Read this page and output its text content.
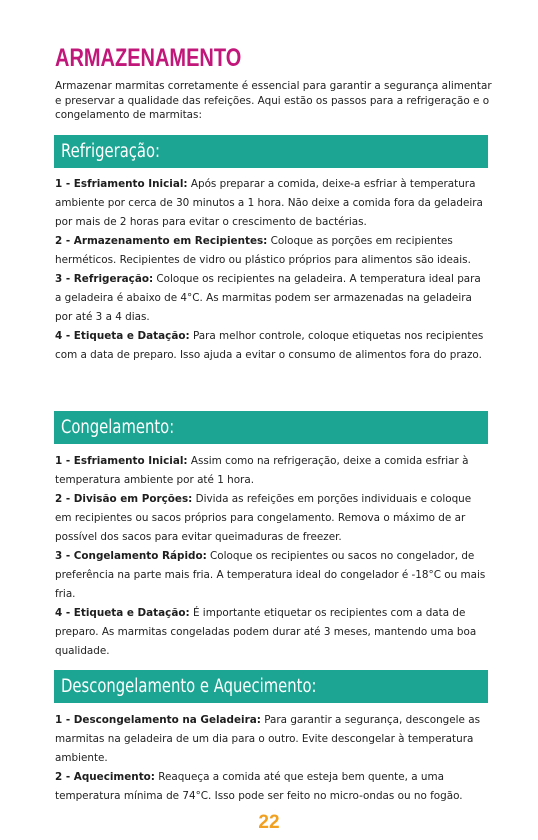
ARMAZENAMENTO

Armazenar marmitas corretamente é essencial para garantir a segurança alimentar e preservar a qualidade das refeições. Aqui estão os passos para a refrigeração e o congelamento de marmitas:

Refrigeração:
1 - Esfriamento Inicial: Após preparar a comida, deixe-a esfriar à temperatura ambiente por cerca de 30 minutos a 1 hora. Não deixe a comida fora da geladeira por mais de 2 horas para evitar o crescimento de bactérias.
2 - Armazenamento em Recipientes: Coloque as porções em recipientes herméticos. Recipientes de vidro ou plástico próprios para alimentos são ideais.
3 - Refrigeração: Coloque os recipientes na geladeira. A temperatura ideal para a geladeira é abaixo de 4°C. As marmitas podem ser armazenadas na geladeira por até 3 a 4 dias.
4 - Etiqueta e Datação: Para melhor controle, coloque etiquetas nos recipientes com a data de preparo. Isso ajuda a evitar o consumo de alimentos fora do prazo.
Congelamento:
1 - Esfriamento Inicial: Assim como na refrigeração, deixe a comida esfriar à temperatura ambiente por até 1 hora.
2 - Divisão em Porções: Divida as refeições em porções individuais e coloque em recipientes ou sacos próprios para congelamento. Remova o máximo de ar possível dos sacos para evitar queimaduras de freezer.
3 - Congelamento Rápido: Coloque os recipientes ou sacos no congelador, de preferência na parte mais fria. A temperatura ideal do congelador é -18°C ou mais fria.
4 - Etiqueta e Datação: É importante etiquetar os recipientes com a data de preparo. As marmitas congeladas podem durar até 3 meses, mantendo uma boa qualidade.
Descongelamento e Aquecimento:
1 - Descongelamento na Geladeira: Para garantir a segurança, descongele as marmitas na geladeira de um dia para o outro. Evite descongelar à temperatura ambiente.
2 - Aquecimento: Reaqueça a comida até que esteja bem quente, a uma temperatura mínima de 74°C. Isso pode ser feito no micro-ondas ou no fogão.
22
